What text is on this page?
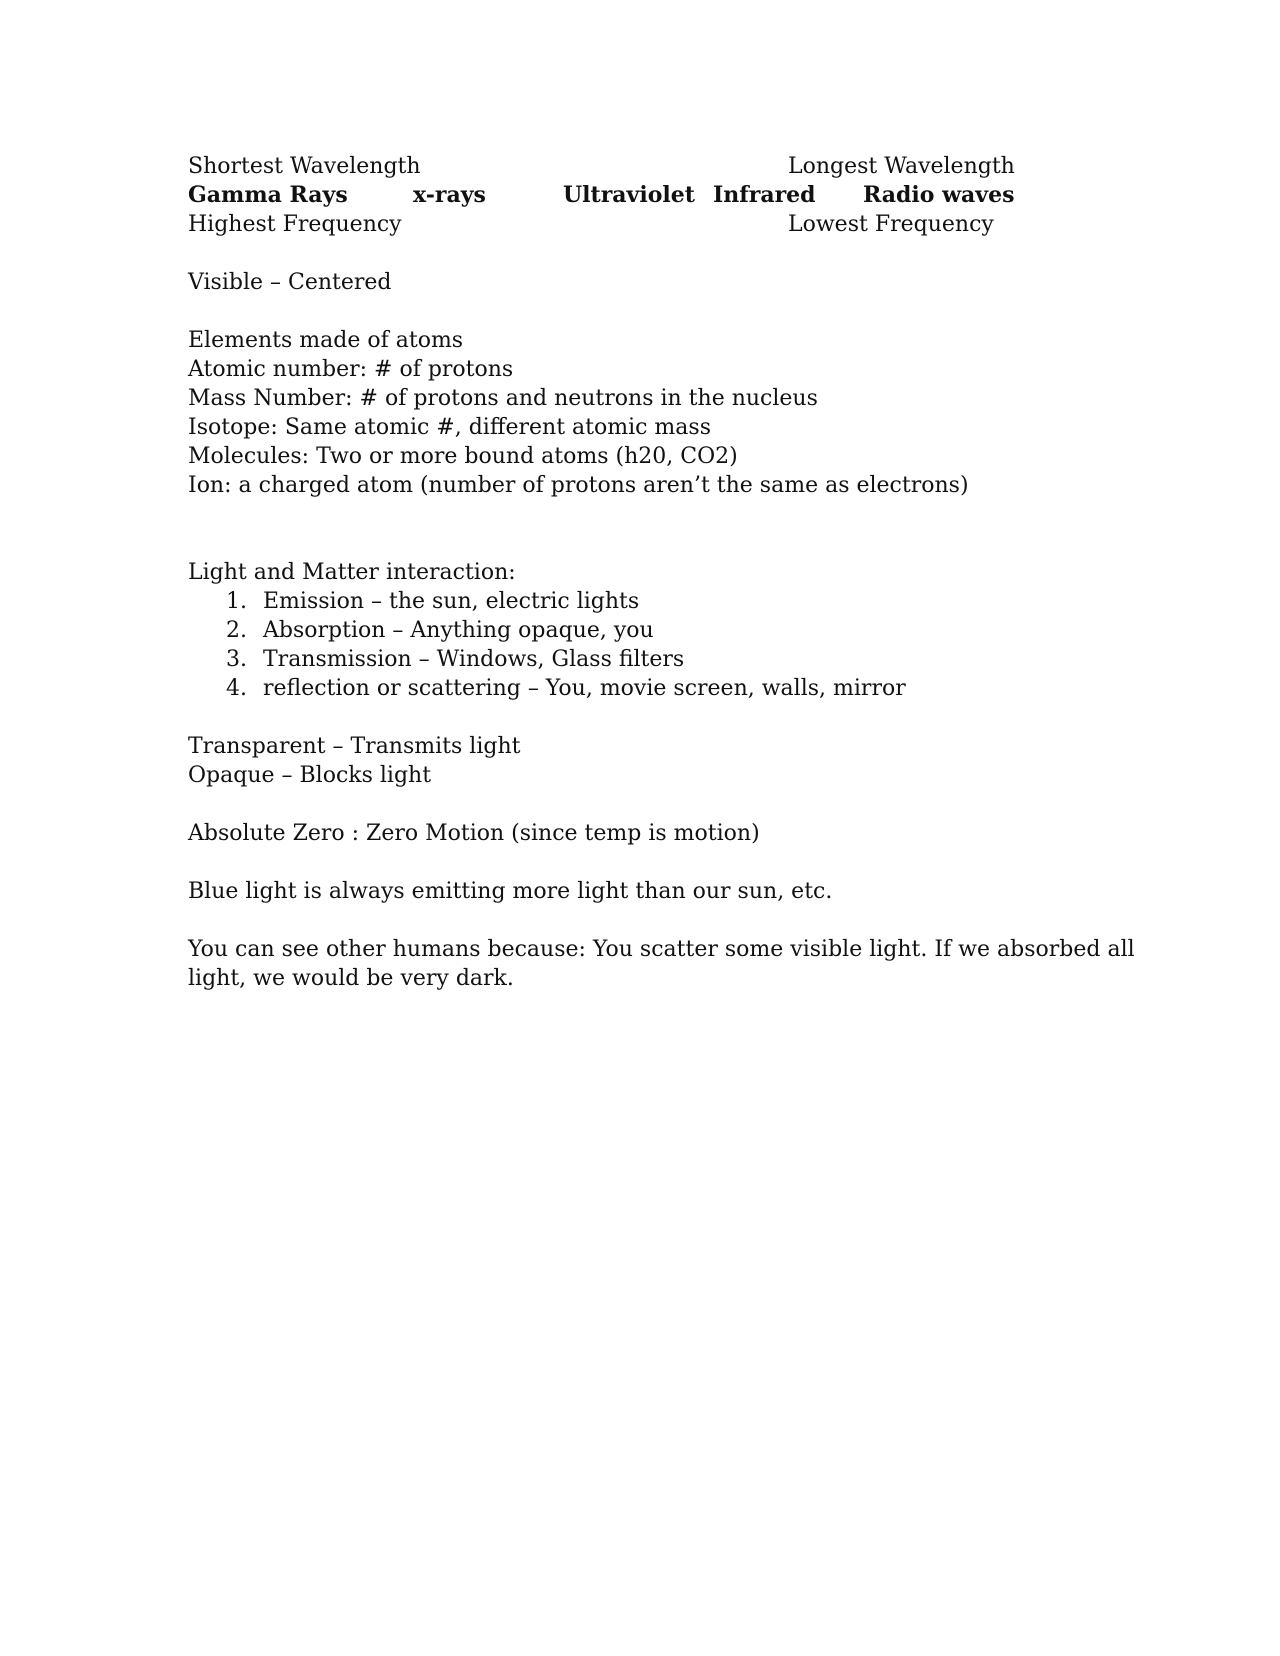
Shortest Wavelength	Longest Wavelength
Gamma Rays	x-rays	Ultraviolet Infrared Radio waves
Highest Frequency	Lowest Frequency
Visible – Centered
Elements made of atoms
Atomic number: # of protons
Mass Number: # of protons and neutrons in the nucleus
Isotope: Same atomic #, different atomic mass
Molecules: Two or more bound atoms (h20, CO2)
Ion: a charged atom (number of protons aren’t the same as electrons)
Light and Matter interaction:
1. Emission – the sun, electric lights
2. Absorption – Anything opaque, you
3. Transmission – Windows, Glass filters
4. reflection or scattering – You, movie screen, walls, mirror
Transparent – Transmits light
Opaque – Blocks light
Absolute Zero : Zero Motion (since temp is motion)
Blue light is always emitting more light than our sun, etc.
You can see other humans because: You scatter some visible light. If we absorbed all
light, we would be very dark.
